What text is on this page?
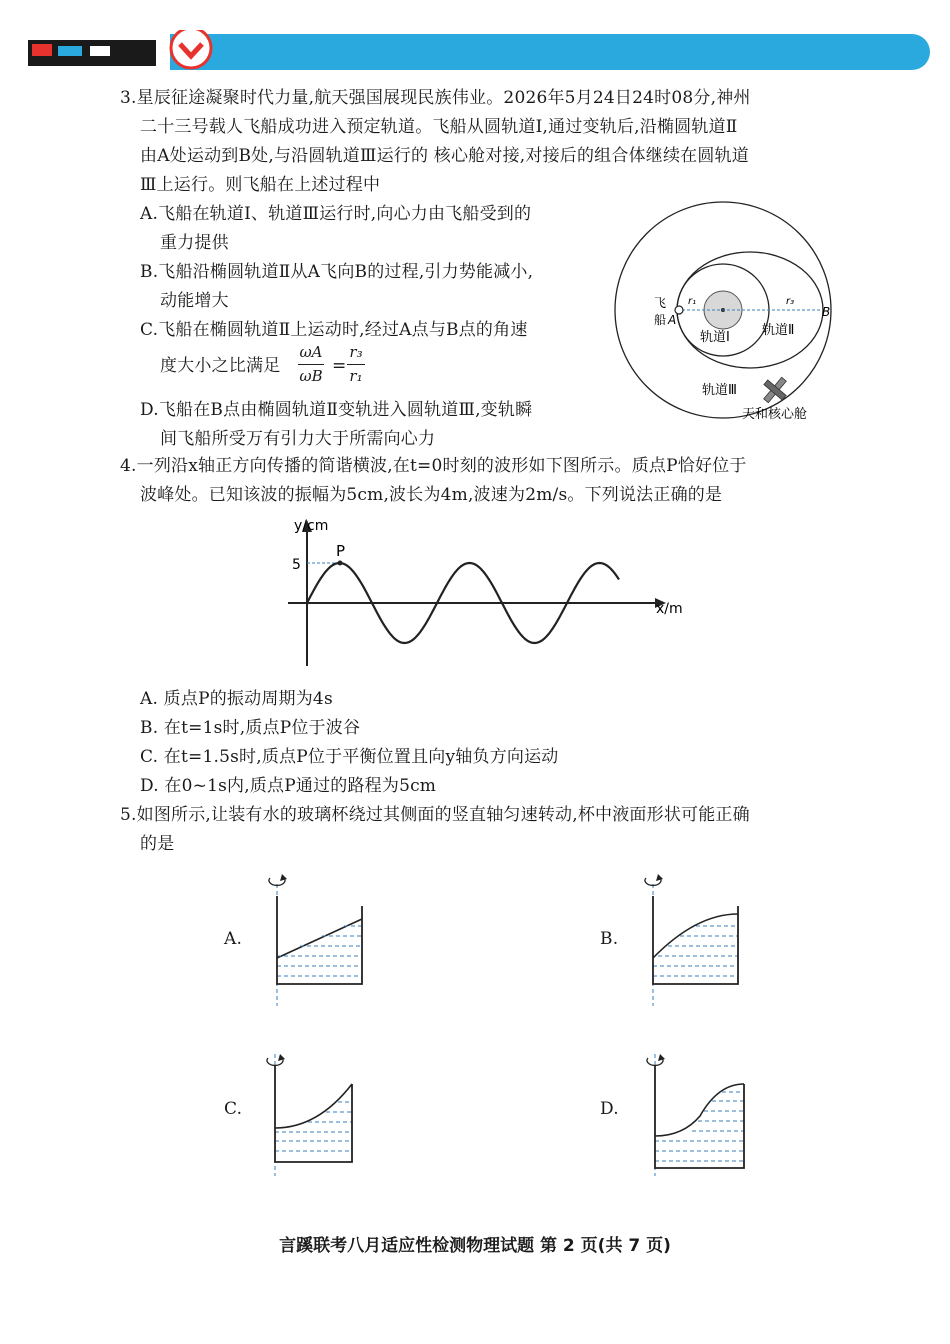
3.星辰征途凝聚时代力量,航天强国展现民族伟业。2026年5月24日24时08分,神州
二十三号载人飞船成功进入预定轨道。飞船从圆轨道Ⅰ,通过变轨后,沿椭圆轨道Ⅱ
由A处运动到B处,与沿圆轨道Ⅲ运行的 核心舱对接,对接后的组合体继续在圆轨道
Ⅲ上运行。则飞船在上述过程中
A.飞船在轨道Ⅰ、轨道Ⅲ运行时,向心力由飞船受到的
重力提供
B.飞船沿椭圆轨道Ⅱ从A飞向B的过程,引力势能减小,
动能增大
C.飞船在椭圆轨道Ⅱ上运动时,经过A点与B点的角速
度大小之比满足
ωA
ωB =
r₃
r₁
D.飞船在B点由椭圆轨道Ⅱ变轨进入圆轨道Ⅲ,变轨瞬
间飞船所受万有引力大于所需向心力
飞
船 A
B
r₁	r₃
轨道Ⅰ 轨道Ⅱ
轨道Ⅲ
天和核心舱
4.一列沿x轴正方向传播的简谐横波,在t=0时刻的波形如下图所示。质点P恰好位于
波峰处。已知该波的振幅为5cm,波长为4m,波速为2m/s。下列说法正确的是
y/cm
x/m
5
P
A. 质点P的振动周期为4s
B. 在t=1s时,质点P位于波谷
C. 在t=1.5s时,质点P位于平衡位置且向y轴负方向运动
D. 在0~1s内,质点P通过的路程为5cm
5.如图所示,让装有水的玻璃杯绕过其侧面的竖直轴匀速转动,杯中液面形状可能正确
的是
A.	B.
C.	D.
言蹊联考八月适应性检测物理试题 第 2 页(共 7 页)
